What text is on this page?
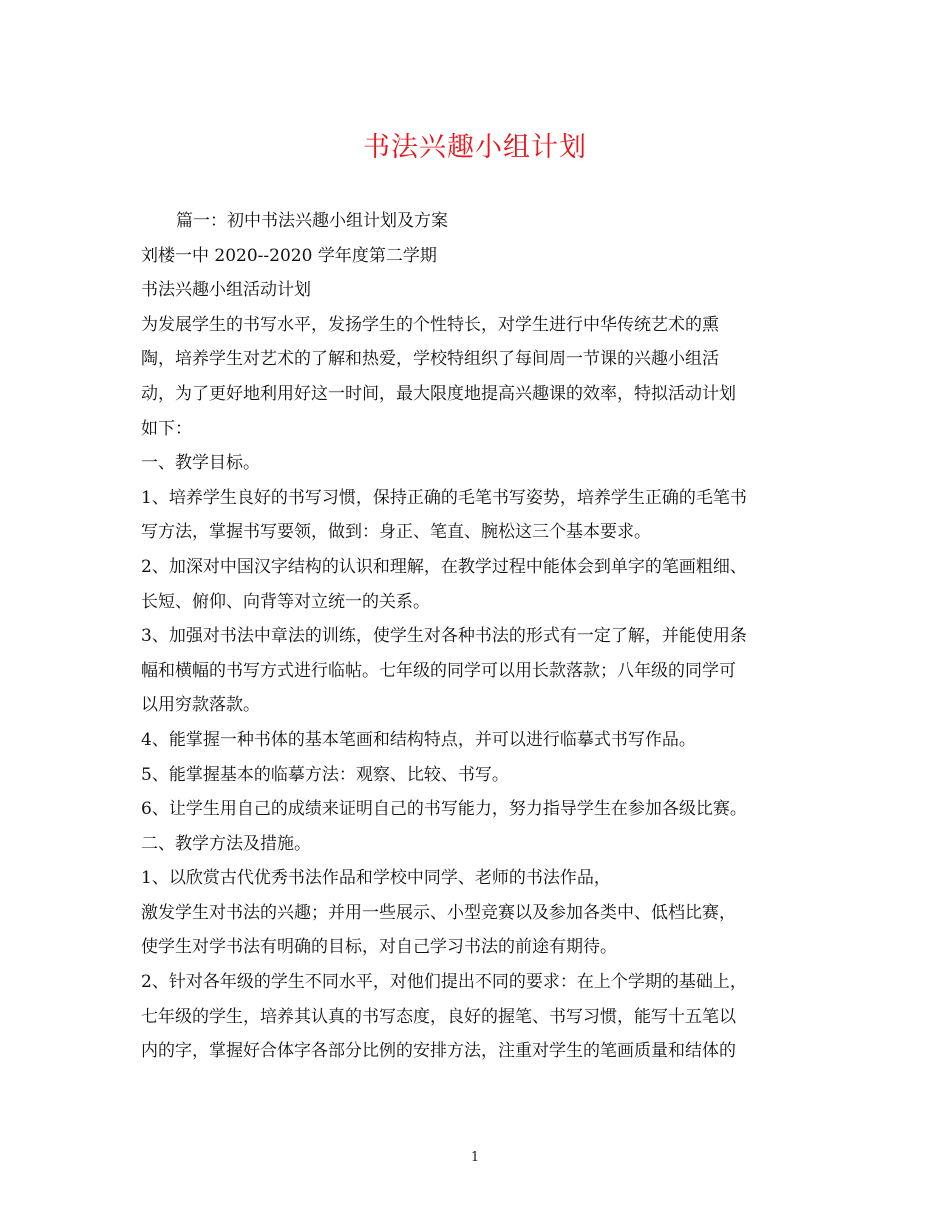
书法兴趣小组计划
篇一：初中书法兴趣小组计划及方案
刘楼一中 2020--2020 学年度第二学期
书法兴趣小组活动计划
为发展学生的书写水平，发扬学生的个性特长，对学生进行中华传统艺术的熏
陶，培养学生对艺术的了解和热爱，学校特组织了每间周一节课的兴趣小组活
动，为了更好地利用好这一时间，最大限度地提高兴趣课的效率，特拟活动计划
如下：
一、教学目标。
1、培养学生良好的书写习惯，保持正确的毛笔书写姿势，培养学生正确的毛笔书
写方法，掌握书写要领，做到：身正、笔直、腕松这三个基本要求。
2、加深对中国汉字结构的认识和理解，在教学过程中能体会到单字的笔画粗细、
长短、俯仰、向背等对立统一的关系。
3、加强对书法中章法的训练，使学生对各种书法的形式有一定了解，并能使用条
幅和横幅的书写方式进行临帖。七年级的同学可以用长款落款；八年级的同学可
以用穷款落款。
4、能掌握一种书体的基本笔画和结构特点，并可以进行临摹式书写作品。
5、能掌握基本的临摹方法：观察、比较、书写。
6、让学生用自己的成绩来证明自己的书写能力，努力指导学生在参加各级比赛。
二、教学方法及措施。
1、以欣赏古代优秀书法作品和学校中同学、老师的书法作品，
激发学生对书法的兴趣；并用一些展示、小型竞赛以及参加各类中、低档比赛，
使学生对学书法有明确的目标，对自己学习书法的前途有期待。
2、针对各年级的学生不同水平，对他们提出不同的要求：在上个学期的基础上，
七年级的学生，培养其认真的书写态度，良好的握笔、书写习惯，能写十五笔以
内的字，掌握好合体字各部分比例的安排方法，注重对学生的笔画质量和结体的
1
